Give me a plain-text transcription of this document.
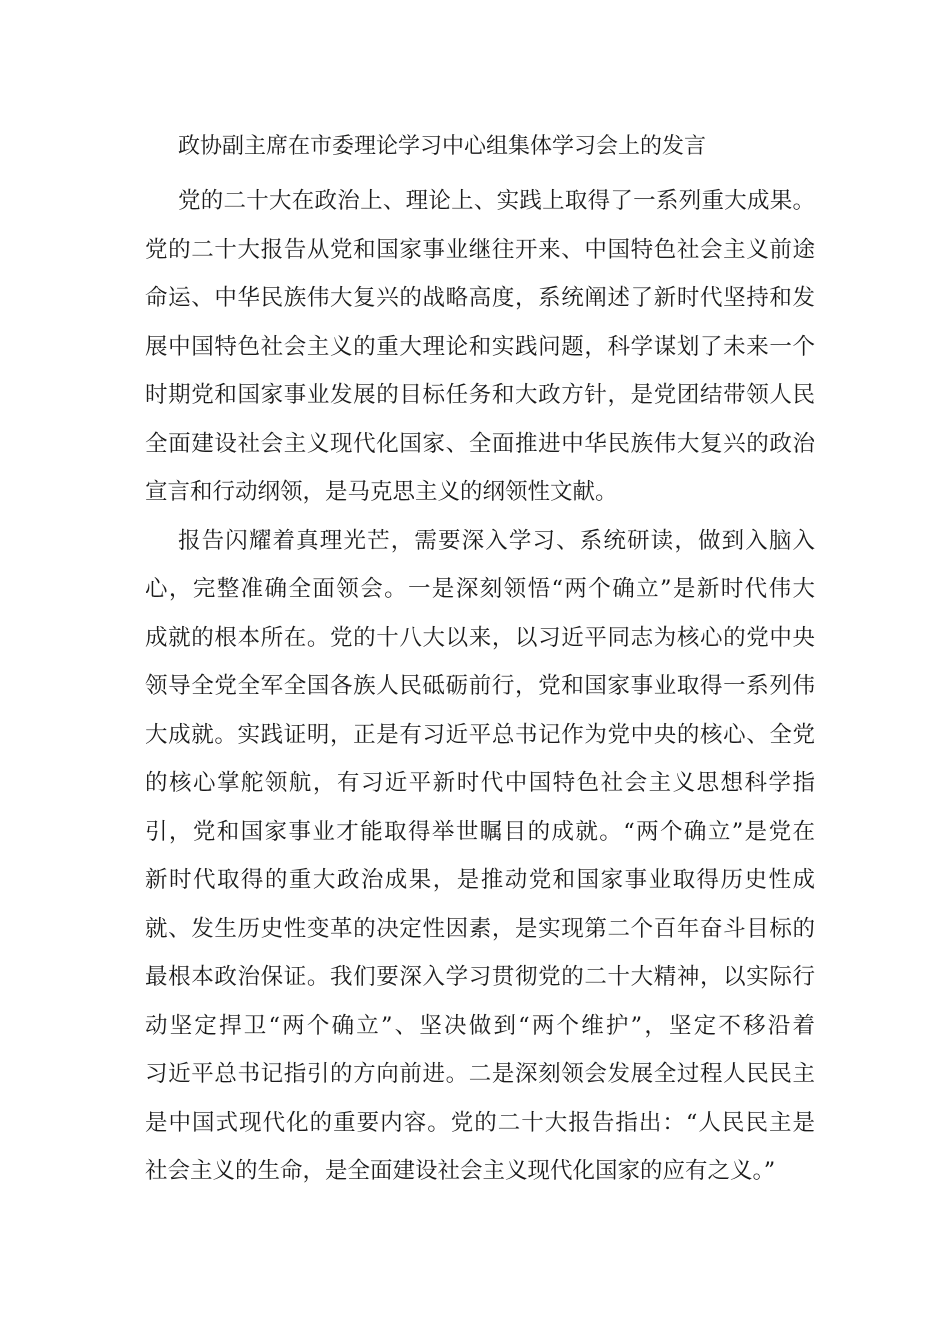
政协副主席在市委理论学习中心组集体学习会上的发言
党的二十大在政治上、理论上、实践上取得了一系列重大成果。
党的二十大报告从党和国家事业继往开来、中国特色社会主义前途
命运、中华民族伟大复兴的战略高度，系统阐述了新时代坚持和发
展中国特色社会主义的重大理论和实践问题，科学谋划了未来一个
时期党和国家事业发展的目标任务和大政方针，是党团结带领人民
全面建设社会主义现代化国家、全面推进中华民族伟大复兴的政治
宣言和行动纲领，是马克思主义的纲领性文献。
报告闪耀着真理光芒，需要深入学习、系统研读，做到入脑入
心，完整准确全面领会。一是深刻领悟“两个确立”是新时代伟大
成就的根本所在。党的十八大以来，以习近平同志为核心的党中央
领导全党全军全国各族人民砥砺前行，党和国家事业取得一系列伟
大成就。实践证明，正是有习近平总书记作为党中央的核心、全党
的核心掌舵领航，有习近平新时代中国特色社会主义思想科学指
引，党和国家事业才能取得举世瞩目的成就。“两个确立”是党在
新时代取得的重大政治成果，是推动党和国家事业取得历史性成
就、发生历史性变革的决定性因素，是实现第二个百年奋斗目标的
最根本政治保证。我们要深入学习贯彻党的二十大精神，以实际行
动坚定捍卫“两个确立”、坚决做到“两个维护”，坚定不移沿着
习近平总书记指引的方向前进。二是深刻领会发展全过程人民民主
是中国式现代化的重要内容。党的二十大报告指出：“人民民主是
社会主义的生命，是全面建设社会主义现代化国家的应有之义。”
